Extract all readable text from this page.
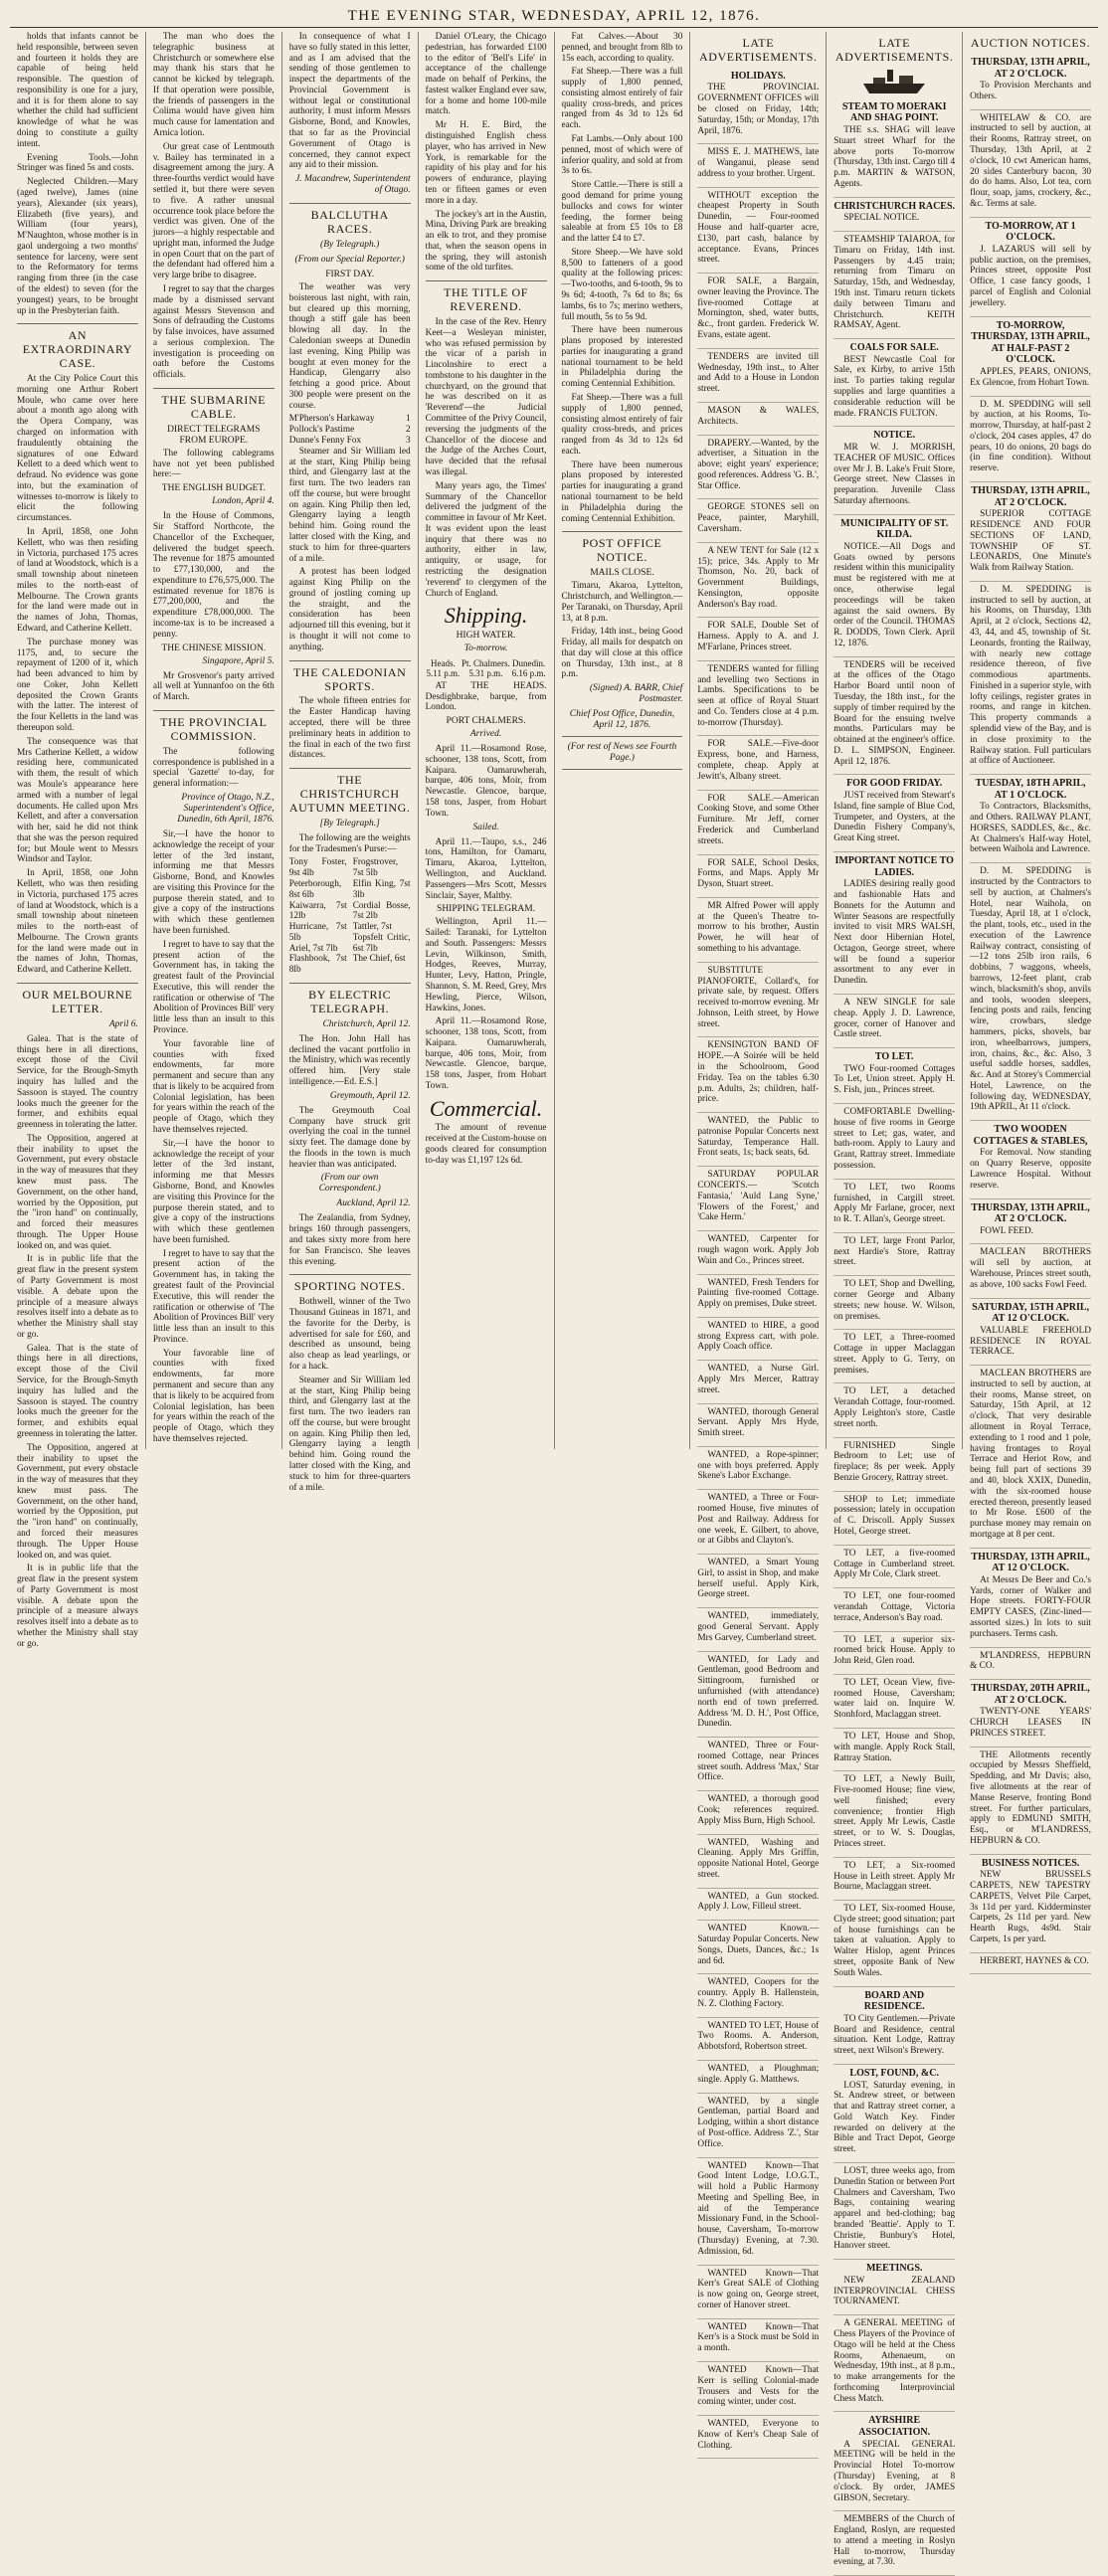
THE EVENING STAR, WEDNESDAY, APRIL 12, 1876.

holds that infants cannot be held responsible, between seven and fourteen it holds they are capable of being held responsible. The question of responsibility is one for a jury, and it is for them alone to say whether the child had sufficient knowledge of what he was doing to constitute a guilty intent.

Evening Tools.—John Stringer was fined 5s and costs.

Neglected Children.—Mary (aged twelve), James (nine years), Alexander (six years), Elizabeth (five years), and William (four years), M'Naughton, whose mother is in gaol undergoing a two months' sentence for larceny, were sent to the Reformatory for terms ranging from three (in the case of the eldest) to seven (for the youngest) years, to be brought up in the Presbyterian faith.

AN EXTRAORDINARY CASE.

At the City Police Court this morning one Arthur Robert Moule, who came over here about a month ago along with the Opera Company, was charged on information with fraudulently obtaining the signatures of one Edward Kellett to a deed which went to defraud. No evidence was gone into, but the examination of witnesses to-morrow is likely to elicit the following circumstances.

In April, 1858, one John Kellett, who was then residing in Victoria, purchased 175 acres of land at Woodstock, which is a small township about nineteen miles to the north-east of Melbourne. The Crown grants for the land were made out in the names of John, Thomas, Edward, and Catherine Kellett.

The purchase money was 1175, and, to secure the repayment of 1200 of it, which had been advanced to him by one Coker, John Kellett deposited the Crown Grants with the latter. The interest of the four Kelletts in the land was thereupon sold.

The consequence was that Mrs Catherine Kellett, a widow residing here, communicated with them, the result of which was Moule's appearance here armed with a number of legal documents. He called upon Mrs Kellett, and after a conversation with her, said he did not think that she was the person required for; but Moule went to Messrs Windsor and Taylor.

In April, 1858, one John Kellett, who was then residing in Victoria, purchased 175 acres of land at Woodstock, which is a small township about nineteen miles to the north-east of Melbourne. The Crown grants for the land were made out in the names of John, Thomas, Edward, and Catherine Kellett.

OUR MELBOURNE LETTER.
April 6.

Galea. That is the state of things here in all directions, except those of the Civil Service, for the Brough-Smyth inquiry has lulled and the Sassoon is stayed. The country looks much the greener for the former, and exhibits equal greenness in tolerating the latter.

The Opposition, angered at their inability to upset the Government, put every obstacle in the way of measures that they knew must pass. The Government, on the other hand, worried by the Opposition, put the "iron hand" on continually, and forced their measures through. The Upper House looked on, and was quiet.

It is in public life that the great flaw in the present system of Party Government is most visible. A debate upon the principle of a measure always resolves itself into a debate as to whether the Ministry shall stay or go.

Galea. That is the state of things here in all directions, except those of the Civil Service, for the Brough-Smyth inquiry has lulled and the Sassoon is stayed. The country looks much the greener for the former, and exhibits equal greenness in tolerating the latter.

The Opposition, angered at their inability to upset the Government, put every obstacle in the way of measures that they knew must pass. The Government, on the other hand, worried by the Opposition, put the "iron hand" on continually, and forced their measures through. The Upper House looked on, and was quiet.

It is in public life that the great flaw in the present system of Party Government is most visible. A debate upon the principle of a measure always resolves itself into a debate as to whether the Ministry shall stay or go.

The man who does the telegraphic business at Christchurch or somewhere else may thank his stars that he cannot be kicked by telegraph. If that operation were possible, the friends of passengers in the Colima would have given him much cause for lamentation and Arnica lotion.

Our great case of Lentmouth v. Bailey has terminated in a disagreement among the jury. A three-fourths verdict would have settled it, but there were seven to five. A rather unusual occurrence took place before the verdict was given. One of the jurors—a highly respectable and upright man, informed the Judge in open Court that on the part of the defendant had offered him a very large bribe to disagree.

I regret to say that the charges made by a dismissed servant against Messrs Stevenson and Sons of defrauding the Customs by false invoices, have assumed a serious complexion. The investigation is proceeding on oath before the Customs officials.

THE SUBMARINE CABLE.
DIRECT TELEGRAMS FROM EUROPE.

The following cablegrams have not yet been published here:—

THE ENGLISH BUDGET.
London, April 4.

In the House of Commons, Sir Stafford Northcote, the Chancellor of the Exchequer, delivered the budget speech. The revenue for 1875 amounted to £77,130,000, and the expenditure to £76,575,000. The estimated revenue for 1876 is £77,200,000, and the expenditure £78,000,000. The income-tax is to be increased a penny.

THE CHINESE MISSION.
Singapore, April 5.

Mr Grosvenor's party arrived all well at Yunnanfoo on the 6th of March.

THE PROVINCIAL COMMISSION.

The following correspondence is published in a special 'Gazette' to-day, for general information:—

Province of Otago, N.Z., Superintendent's Office, Dunedin, 6th April, 1876.

Sir,—I have the honor to acknowledge the receipt of your letter of the 3rd instant, informing me that Messrs Gisborne, Bond, and Knowles are visiting this Province for the purpose therein stated, and to give a copy of the instructions with which these gentlemen have been furnished.

I regret to have to say that the present action of the Government has, in taking the greatest fault of the Provincial Executive, this will render the ratification or otherwise of 'The Abolition of Provinces Bill' very little less than an insult to this Province.

Your favorable line of counties with fixed endowments, far more permanent and secure than any that is likely to be acquired from Colonial legislation, has been for years within the reach of the people of Otago, which they have themselves rejected.

Sir,—I have the honor to acknowledge the receipt of your letter of the 3rd instant, informing me that Messrs Gisborne, Bond, and Knowles are visiting this Province for the purpose therein stated, and to give a copy of the instructions with which these gentlemen have been furnished.

I regret to have to say that the present action of the Government has, in taking the greatest fault of the Provincial Executive, this will render the ratification or otherwise of 'The Abolition of Provinces Bill' very little less than an insult to this Province.

Your favorable line of counties with fixed endowments, far more permanent and secure than any that is likely to be acquired from Colonial legislation, has been for years within the reach of the people of Otago, which they have themselves rejected.

In consequence of what I have so fully stated in this letter, and as I am advised that the sending of those gentlemen to inspect the departments of the Provincial Government is without legal or constitutional authority, I must inform Messrs Gisborne, Bond, and Knowles, that so far as the Provincial Government of Otago is concerned, they cannot expect any aid to their mission.

J. Macandrew, Superintendent of Otago.
BALCLUTHA RACES.
(By Telegraph.)
(From our Special Reporter.)
FIRST DAY.

The weather was very boisterous last night, with rain, but cleared up this morning, though a stiff gale has been blowing all day. In the Caledonian sweeps at Dunedin last evening, King Philip was bought at even money for the Handicap, Glengarry also fetching a good price. About 300 people were present on the course.

M'Pherson's Harkaway	1
Pollock's Pastime	2
Dunne's Fenny Fox	3

Steamer and Sir William led at the start, King Philip being third, and Glengarry last at the first turn. The two leaders ran off the course, but were brought on again. King Philip then led, Glengarry laying a length behind him. Going round the latter closed with the King, and stuck to him for three-quarters of a mile.

A protest has been lodged against King Philip on the ground of jostling coming up the straight, and the consideration has been adjourned till this evening, but it is thought it will not come to anything.

THE CALEDONIAN SPORTS.

The whole fifteen entries for the Easter Handicap having accepted, there will be three preliminary heats in addition to the final in each of the two first distances.

THE CHRISTCHURCH AUTUMN MEETING.
[By Telegraph.]

The following are the weights for the Tradesmen's Purse:—

Tony Foster, 9st 4lb
Peterborough, 8st 6lb
Kaiwarra, 7st 12lb
Hurricane, 7st 5lb
Ariel, 7st 7lb
Flashbook, 7st 8lb
Frogstrover, 7st 5lb
Elfin King, 7st 3lb
Cordial Bosse, 7st 2lb
Tattler, 7st
Topsfelt Critic, 6st 7lb
The Chief, 6st
BY ELECTRIC TELEGRAPH.
Christchurch, April 12.

The Hon. John Hall has declined the vacant portfolio in the Ministry, which was recently offered him. [Very stale intelligence.—Ed. E.S.]

Greymouth, April 12.

The Greymouth Coal Company have struck grit overlying the coal in the tunnel sixty feet. The damage done by the floods in the town is much heavier than was anticipated.

(From our own Correspondent.)
Auckland, April 12.

The Zealandia, from Sydney, brings 160 through passengers, and takes sixty more from here for San Francisco. She leaves this evening.

SPORTING NOTES.

Bothwell, winner of the Two Thousand Guineas in 1871, and the favorite for the Derby, is advertised for sale for £60, and described as unsound, being also cheap as lead yearlings, or for a hack.

Steamer and Sir William led at the start, King Philip being third, and Glengarry last at the first turn. The two leaders ran off the course, but were brought on again. King Philip then led, Glengarry laying a length behind him. Going round the latter closed with the King, and stuck to him for three-quarters of a mile.

Daniel O'Leary, the Chicago pedestrian, has forwarded £100 to the editor of 'Bell's Life' in acceptance of the challenge made on behalf of Perkins, the fastest walker England ever saw, for a home and home 100-mile match.

Mr H. E. Bird, the distinguished English chess player, who has arrived in New York, is remarkable for the rapidity of his play and for his powers of endurance, playing ten or fifteen games or even more in a day.

The jockey's art in the Austin, Mina, Driving Park are breaking an elk to trot, and they promise that, when the season opens in the spring, they will astonish some of the old turfites.

THE TITLE OF REVEREND.

In the case of the Rev. Henry Keet—a Wesleyan minister, who was refused permission by the vicar of a parish in Lincolnshire to erect a tombstone to his daughter in the churchyard, on the ground that he was described on it as 'Reverend'—the Judicial Committee of the Privy Council, reversing the judgments of the Chancellor of the diocese and the Judge of the Arches Court, have decided that the refusal was illegal.

Many years ago, the Times' Summary of the Chancellor delivered the judgment of the committee in favour of Mr Keet. It was evident upon the least inquiry that there was no authority, either in law, antiquity, or usage, for restricting the designation 'reverend' to clergymen of the Church of England.

Shipping.
HIGH WATER.
To-morrow.
Heads.
5.11 p.m.
Pt. Chalmers.
5.31 p.m.
Dunedin.
6.16 p.m.

AT THE HEADS. Desdighbrake, barque, from London.

PORT CHALMERS.
Arrived.

April 11.—Rosamond Rose, schooner, 138 tons, Scott, from Kaipara. Oamaruwherah, barque, 406 tons, Moir, from Newcastle. Glencoe, barque, 158 tons, Jasper, from Hobart Town.

Sailed.

April 11.—Taupo, s.s., 246 tons, Hamilton, for Oamaru, Timaru, Akaroa, Lyttelton, Wellington, and Auckland. Passengers—Mrs Scott, Messrs Sinclair, Sayer, Maltby.

SHIPPING TELEGRAM.

Wellington, April 11.—Sailed: Taranaki, for Lyttelton and South. Passengers: Messrs Levin, Wilkinson, Smith, Hodges, Reeves, Murray, Hunter, Levy, Hatton, Pringle, Shannon, S. M. Reed, Grey, Mrs Hewling, Pierce, Wilson, Hawkins, Jones.

April 11.—Rosamond Rose, schooner, 138 tons, Scott, from Kaipara. Oamaruwherah, barque, 406 tons, Moir, from Newcastle. Glencoe, barque, 158 tons, Jasper, from Hobart Town.

Commercial.

The amount of revenue received at the Custom-house on goods cleared for consumption to-day was £1,197 12s 6d.

Fat Calves.—About 30 penned, and brought from 8lb to 15s each, according to quality.

Fat Sheep.—There was a full supply of 1,800 penned, consisting almost entirely of fair quality cross-breds, and prices ranged from 4s 3d to 12s 6d each.

Fat Lambs.—Only about 100 penned, most of which were of inferior quality, and sold at from 3s to 6s.

Store Cattle.—There is still a good demand for prime young bullocks and cows for winter feeding, the former being saleable at from £5 10s to £8 and the latter £4 to £7.

Store Sheep.—We have sold 8,500 to fatteners of a good quality at the following prices:—Two-tooths, and 6-tooth, 9s to 9s 6d; 4-tooth, 7s 6d to 8s; 6s lambs, 6s to 7s; merino wethers, full mouth, 5s to 5s 9d.

There have been numerous plans proposed by interested parties for inaugurating a grand national tournament to be held in Philadelphia during the coming Centennial Exhibition.

Fat Sheep.—There was a full supply of 1,800 penned, consisting almost entirely of fair quality cross-breds, and prices ranged from 4s 3d to 12s 6d each.

There have been numerous plans proposed by interested parties for inaugurating a grand national tournament to be held in Philadelphia during the coming Centennial Exhibition.

POST OFFICE NOTICE.
MAILS CLOSE.

Timaru, Akaroa, Lyttelton, Christchurch, and Wellington.—Per Taranaki, on Thursday, April 13, at 8 p.m.

Friday, 14th inst., being Good Friday, all mails for despatch on that day will close at this office on Thursday, 13th inst., at 8 p.m.

(Signed) A. BARR, Chief Postmaster.
Chief Post Office, Dunedin, April 12, 1876.
(For rest of News see Fourth Page.)
LATE ADVERTISEMENTS.
HOLIDAYS.

THE PROVINCIAL GOVERNMENT OFFICES will be closed on Friday, 14th; Saturday, 15th; or Monday, 17th April, 1876.

MISS E. J. MATHEWS, late of Wanganui, please send address to your brother. Urgent.

WITHOUT exception the cheapest Property in South Dunedin, — Four-roomed House and half-quarter acre, £130, part cash, balance by acceptance. Evans, Princes street.

FOR SALE, a Bargain, owner leaving the Province. The five-roomed Cottage at Mornington, shed, water butts, &c., front garden. Frederick W. Evans, estate agent.

TENDERS are invited till Wednesday, 19th inst., to Alter and Add to a House in London street.

MASON & WALES, Architects.

DRAPERY.—Wanted, by the advertiser, a Situation in the above; eight years' experience; good references. Address 'G. B.', Star Office.

GEORGE STONES sell on Peace, painter, Maryhill, Caversham.

A NEW TENT for Sale (12 x 15); price, 34s. Apply to Mr Thomson, No. 20, back of Government Buildings, Kensington, opposite Anderson's Bay road.

FOR SALE, Double Set of Harness. Apply to A. and J. M'Farlane, Princes street.

TENDERS wanted for filling and levelling two Sections in Lambs. Specifications to be seen at office of Royal Stuart and Co. Tenders close at 4 p.m. to-morrow (Thursday).

FOR SALE.—Five-door Express, bone, and Harness, complete, cheap. Apply at Jewitt's, Albany street.

FOR SALE.—American Cooking Stove, and some Other Furniture. Mr Jeff, corner Frederick and Cumberland streets.

FOR SALE, School Desks, Forms, and Maps. Apply Mr Dyson, Stuart street.

MR Alfred Power will apply at the Queen's Theatre to-morrow to his brother, Austin Power, he will hear of something to his advantage.

SUBSTITUTE PIANOFORTE, Collard's, for private sale, by request. Offers received to-morrow evening. Mr Johnson, Leith street, by Howe street.

KENSINGTON BAND OF HOPE.—A Soirée will be held in the Schoolroom, Good Friday. Tea on the tables 6.30 p.m. Adults, 2s; children, half-price.

WANTED, the Public to patronise Popular Concerts next Saturday, Temperance Hall. Front seats, 1s; back seats, 6d.

SATURDAY POPULAR CONCERTS.— 'Scotch Fantasia,' 'Auld Lang Syne,' 'Flowers of the Forest,' and 'Cake Herm.'

WANTED, Carpenter for rough wagon work. Apply Job Wain and Co., Princes street.

WANTED, Fresh Tenders for Painting five-roomed Cottage. Apply on premises, Duke street.

WANTED to HIRE, a good strong Express cart, with pole. Apply Coach office.

WANTED, a Nurse Girl. Apply Mrs Mercer, Rattray street.

WANTED, thorough General Servant. Apply Mrs Hyde, Smith street.

WANTED, a Rope-spinner; one with boys preferred. Apply Skene's Labor Exchange.

WANTED, a Three or Four-roomed House, five minutes of Post and Railway. Address for one week, E. Gilbert, to above, or at Gibbs and Clayton's.

WANTED, a Smart Young Girl, to assist in Shop, and make herself useful. Apply Kirk, George street.

WANTED, immediately, good General Servant. Apply Mrs Garvey, Cumberland street.

WANTED, for Lady and Gentleman, good Bedroom and Sittingroom, furnished or unfurnished (with attendance) north end of town preferred. Address 'M. D. H.', Post Office, Dunedin.

WANTED, Three or Four-roomed Cottage, near Princes street south. Address 'Max,' Star Office.

WANTED, a thorough good Cook; references required. Apply Miss Burn, High School.

WANTED, Washing and Cleaning. Apply Mrs Griffin, opposite National Hotel, George street.

WANTED, a Gun stocked. Apply J. Low, Filleul street.

WANTED Known.—Saturday Popular Concerts. New Songs, Duets, Dances, &c.; 1s and 6d.

WANTED, Coopers for the country. Apply B. Hallenstein, N. Z. Clothing Factory.

WANTED TO LET, House of Two Rooms. A. Anderson, Abbotsford, Robertson street.

WANTED, a Ploughman; single. Apply G. Matthews.

WANTED, by a single Gentleman, partial Board and Lodging, within a short distance of Post-office. Address 'Z.', Star Office.

WANTED Known—That Good Intent Lodge, I.O.G.T., will hold a Public Harmony Meeting and Spelling Bee, in aid of the Temperance Missionary Fund, in the School-house, Caversham, To-morrow (Thursday) Evening, at 7.30. Admission, 6d.

WANTED Known—That Kerr's Great SALE of Clothing is now going on, George street, corner of Hanover street.

WANTED Known—That Kerr's is a Stock must be Sold in a month.

WANTED Known—That Kerr is selling Colonial-made Trousers and Vests for the coming winter, under cost.

WANTED, Everyone to Know of Kerr's Cheap Sale of Clothing.

LATE ADVERTISEMENTS.
STEAM TO MOERAKI AND SHAG POINT.

THE s.s. SHAG will leave Stuart street Wharf for the above ports To-morrow (Thursday, 13th inst. Cargo till 4 p.m. MARTIN & WATSON, Agents.

CHRISTCHURCH RACES.

SPECIAL NOTICE.

STEAMSHIP TAIAROA, for Timaru on Friday, 14th inst. Passengers by 4.45 train; returning from Timaru on Saturday, 15th, and Wednesday, 19th inst. Timaru return tickets daily between Timaru and Christchurch. KEITH RAMSAY, Agent.

COALS FOR SALE.

BEST Newcastle Coal for Sale, ex Kirby, to arrive 15th inst. To parties taking regular supplies and large quantities a considerable reduction will be made. FRANCIS FULTON.

NOTICE.

MR W. J. MORRISH, TEACHER OF MUSIC. Offices over Mr J. B. Lake's Fruit Store, George street. New Classes in preparation. Juvenile Class Saturday afternoons.

MUNICIPALITY OF ST. KILDA.

NOTICE.—All Dogs and Goats owned by persons resident within this municipality must be registered with me at once, otherwise legal proceedings will be taken against the said owners. By order of the Council. THOMAS R. DODDS, Town Clerk. April 12, 1876.

TENDERS will be received at the offices of the Otago Harbor Board until noon of Tuesday, the 18th inst., for the supply of timber required by the Board for the ensuing twelve months. Particulars may be obtained at the engineer's office. D. L. SIMPSON, Engineer. April 12, 1876.

FOR GOOD FRIDAY.

JUST received from Stewart's Island, fine sample of Blue Cod, Trumpeter, and Oysters, at the Dunedin Fishery Company's, Great King street.

IMPORTANT NOTICE TO LADIES.

LADIES desiring really good and fashionable Hats and Bonnets for the Autumn and Winter Seasons are respectfully invited to visit MRS WALSH, Next door Hibernian Hotel, Octagon, George street, where will be found a superior assortment to any ever in Dunedin.

A NEW SINGLE for sale cheap. Apply J. D. Lawrence, grocer, corner of Hanover and Castle street.

TO LET.

TWO Four-roomed Cottages To Let, Union street. Apply H. S. Fish, jun., Princes street.

COMFORTABLE Dwelling-house of five rooms in George street to Let; gas, water, and bath-room. Apply to Laury and Grant, Rattray street. Immediate possession.

TO LET, two Rooms furnished, in Cargill street. Apply Mr Farlane, grocer, next to R. T. Allan's, George street.

TO LET, large Front Parlor, next Hardie's Store, Rattray street.

TO LET, Shop and Dwelling, corner George and Albany streets; new house. W. Wilson, on premises.

TO LET, a Three-roomed Cottage in upper Maclaggan street. Apply to G. Terry, on premises.

TO LET, a detached Verandah Cottage, four-roomed. Apply Leighton's store, Castle street north.

FURNISHED Single Bedroom to Let; use of fireplace; 8s per week. Apply Benzie Grocery, Rattray street.

SHOP to Let; immediate possession; lately in occupation of C. Driscoll. Apply Sussex Hotel, George street.

TO LET, a five-roomed Cottage in Cumberland street. Apply Mr Cole, Clark street.

TO LET, one four-roomed verandah Cottage, Victoria terrace, Anderson's Bay road.

TO LET, a superior six-roomed brick House. Apply to John Reid, Glen road.

TO LET, Ocean View, five-roomed House, Caversham; water laid on. Inquire W. Stonhford, Maclaggan street.

TO LET, House and Shop, with mangle. Apply Rock Stall, Rattray Station.

TO LET, a Newly Built, Five-roomed House; fine view, well finished; every convenience; frontier High street. Apply Mr Lewis, Castle street, or to W. S. Douglas, Princes street.

TO LET, a Six-roomed House in Leith street. Apply Mr Bourne, Maclaggan street.

TO LET, Six-roomed House, Clyde street; good situation; part of house furnishings can be taken at valuation. Apply to Walter Hislop, agent Princes street, opposite Bank of New South Wales.

BOARD AND RESIDENCE.

TO City Gentlemen.—Private Board and Residence, central situation. Kent Lodge, Rattray street, next Wilson's Brewery.

LOST, FOUND, &C.

LOST, Saturday evening, in St. Andrew street, or between that and Rattray street corner, a Gold Watch Key. Finder rewarded on delivery at the Bible and Tract Depot, George street.

LOST, three weeks ago, from Dunedin Station or between Port Chalmers and Caversham, Two Bags, containing wearing apparel and bed-clothing; bag branded 'Beattie'. Apply to T. Christie, Bunbury's Hotel, Hanover street.

MEETINGS.

NEW ZEALAND INTERPROVINCIAL CHESS TOURNAMENT.

A GENERAL MEETING of Chess Players of the Province of Otago will be held at the Chess Rooms, Athenaeum, on Wednesday, 19th inst., at 8 p.m., to make arrangements for the forthcoming Interprovincial Chess Match.

AYRSHIRE ASSOCIATION.

A SPECIAL GENERAL MEETING will be held in the Provincial Hotel To-morrow (Thursday) Evening, at 8 o'clock. By order, JAMES GIBSON, Secretary.

MEMBERS of the Church of England, Roslyn, are requested to attend a meeting in Roslyn Hall to-morrow, Thursday evening, at 7.30.

AUCTION NOTICES.
THURSDAY, 13TH APRIL, AT 2 O'CLOCK.

To Provision Merchants and Others.

WHITELAW & CO. are instructed to sell by auction, at their Rooms, Rattray street, on Thursday, 13th April, at 2 o'clock, 10 cwt American hams, 20 sides Canterbury bacon, 30 do do hams. Also, Lot tea, corn flour, soap, jams, crockery, &c., &c. Terms at sale.

TO-MORROW, AT 1 O'CLOCK.

J. LAZARUS will sell by public auction, on the premises, Princes street, opposite Post Office, 1 case fancy goods, 1 parcel of English and Colonial jewellery.

TO-MORROW, THURSDAY, 13TH APRIL, AT HALF-PAST 2 O'CLOCK.

APPLES, PEARS, ONIONS, Ex Glencoe, from Hobart Town.

D. M. SPEDDING will sell by auction, at his Rooms, To-morrow, Thursday, at half-past 2 o'clock, 204 cases apples, 47 do pears, 10 do onions, 20 bags do (in fine condition). Without reserve.

THURSDAY, 13TH APRIL, AT 2 O'CLOCK.

SUPERIOR COTTAGE RESIDENCE AND FOUR SECTIONS OF LAND, TOWNSHIP OF ST. LEONARDS, One Minute's Walk from Railway Station.

D. M. SPEDDING is instructed to sell by auction, at his Rooms, on Thursday, 13th April, at 2 o'clock, Sections 42, 43, 44, and 45, township of St. Leonards, fronting the Railway, with nearly new cottage residence thereon, of five commodious apartments. Finished in a superior style, with lofty ceilings, register grates in rooms, and range in kitchen. This property commands a splendid view of the Bay, and is in close proximity to the Railway station. Full particulars at office of Auctioneer.

TUESDAY, 18TH APRIL, AT 1 O'CLOCK.

To Contractors, Blacksmiths, and Others. RAILWAY PLANT, HORSES, SADDLES, &c., &c. At Chalmers's Half-way Hotel, between Waihola and Lawrence.

D. M. SPEDDING is instructed by the Contractors to sell by auction, at Chalmers's Hotel, near Waihola, on Tuesday, April 18, at 1 o'clock, the plant, tools, etc., used in the execution of the Lawrence Railway contract, consisting of—12 tons 25lb iron rails, 6 dobbins, 7 waggons, wheels, barrows, 12-feet plant, crab winch, blacksmith's shop, anvils and tools, wooden sleepers, fencing posts and rails, fencing wire, crowbars, sledge hammers, picks, shovels, bar iron, wheelbarrows, jumpers, iron, chains, &c., &c. Also, 3 useful saddle horses, saddles, &c. And at Storey's Commercial Hotel, Lawrence, on the following day, WEDNESDAY, 19th APRIL, At 11 o'clock.

TWO WOODEN COTTAGES & STABLES,

For Removal. Now standing on Quarry Reserve, opposite Lawrence Hospital. Without reserve.

THURSDAY, 13TH APRIL, AT 2 O'CLOCK.

FOWL FEED.

MACLEAN BROTHERS will sell by auction, at Warehouse, Princes street south, as above, 100 sacks Fowl Feed.

SATURDAY, 15TH APRIL, AT 12 O'CLOCK.

VALUABLE FREEHOLD RESIDENCE IN ROYAL TERRACE.

MACLEAN BROTHERS are instructed to sell by auction, at their rooms, Manse street, on Saturday, 15th April, at 12 o'clock, That very desirable allotment in Royal Terrace, extending to 1 rood and 1 pole, having frontages to Royal Terrace and Heriot Row, and being full part of sections 39 and 40, block XXIX, Dunedin, with the six-roomed house erected thereon, presently leased to Mr Rose. £600 of the purchase money may remain on mortgage at 8 per cent.

THURSDAY, 13TH APRIL, AT 12 O'CLOCK.

At Messrs De Beer and Co.'s Yards, corner of Walker and Hope streets. FORTY-FOUR EMPTY CASES, (Zinc-lined—assorted sizes.) In lots to suit purchasers. Terms cash.

M'LANDRESS, HEPBURN & CO.

THURSDAY, 20TH APRIL, AT 2 O'CLOCK.

TWENTY-ONE YEARS' CHURCH LEASES IN PRINCES STREET.

THE Allotments recently occupied by Messrs Sheffield, Spedding, and Mr Davis; also, five allotments at the rear of Manse Reserve, fronting Bond street. For further particulars, apply to EDMUND SMITH, Esq., or M'LANDRESS, HEPBURN & CO.

BUSINESS NOTICES.

NEW BRUSSELS CARPETS, NEW TAPESTRY CARPETS, Velvet Pile Carpet, 3s 11d per yard. Kidderminster Carpets, 2s 11d per yard. New Hearth Rugs, 4s9d. Stair Carpets, 1s per yard.

HERBERT, HAYNES & CO.
